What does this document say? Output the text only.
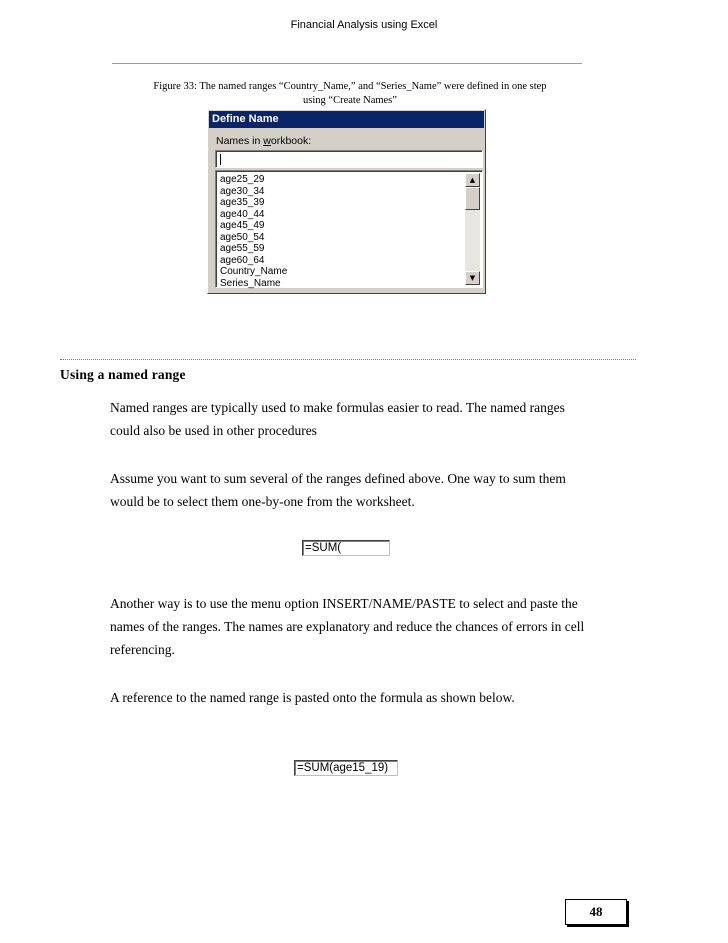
Financial Analysis using Excel
Figure 33: The named ranges “Country_Name,” and “Series_Name” were defined in one step
using “Create Names”
Define Name
Names in workbook:
age25_29
age30_34
age35_39
age40_44
age45_49
age50_54
age55_59
age60_64
Country_Name
Series_Name
▲
▼
Using a named range
Named ranges are typically used to make formulas easier to read. The named ranges could also be used in other procedures
Assume you want to sum several of the ranges defined above. One way to sum them would be to select them one-by-one from the worksheet.
=SUM(
Another way is to use the menu option INSERT/NAME/PASTE to select and paste the names of the ranges. The names are explanatory and reduce the chances of errors in cell referencing.
A reference to the named range is pasted onto the formula as shown below.
=SUM(age15_19)
48
